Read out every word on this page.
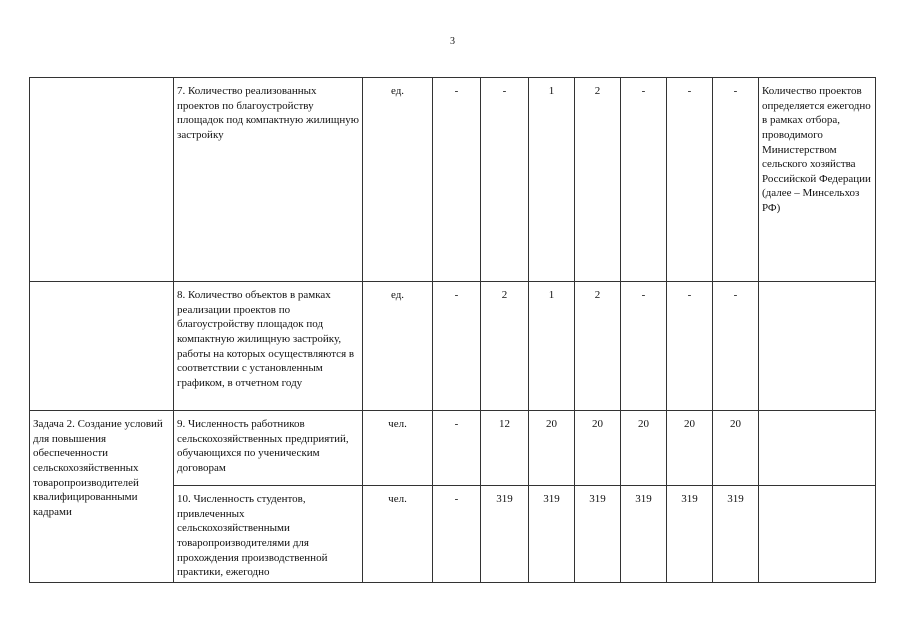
3
	7. Количество реализованных проектов по благоустройству площадок под компактную жилищную застройку	ед.	-	-	1	2	-	-	-	Количество проектов определяется ежегодно в рамках отбора, проводимого Министерством сельского хозяйства Российской Федерации (далее – Минсельхоз РФ)
	8. Количество объектов в рамках реализации проектов по благоустройству площадок под компактную жилищную застройку, работы на которых осуществляются в соответствии с установленным графиком, в отчетном году	ед.	-	2	1	2	-	-	-	
Задача 2. Создание условий для повышения обеспеченности сельскохозяйственных товаропроизводителей квалифицированными кадрами	9. Численность работников сельскохозяйственных предприятий, обучающихся по ученическим договорам	чел.	-	12	20	20	20	20	20	
	10. Численность студентов, привлеченных сельскохозяйственными товаропроизводителями для прохождения производственной практики, ежегодно	чел.	-	319	319	319	319	319	319	
